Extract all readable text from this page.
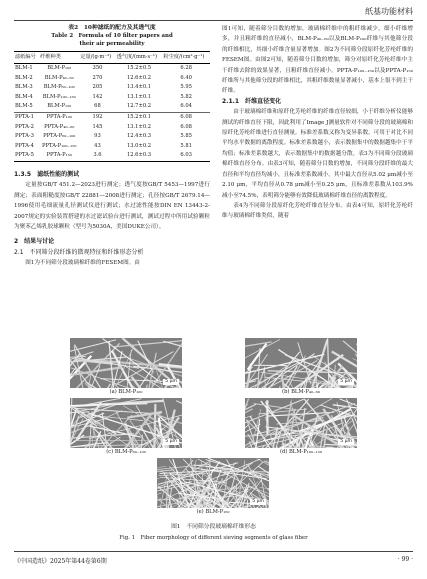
纸基功能材料
表2　10种滤纸的配方及其透气度
Table 2　Formula of 10 filter papers and
their air permeability
滤纸编号	纤维种类	定量/(g·m⁻²)	透气度/(mm·s⁻¹)	粉尘度/(cm²·g⁻¹)
BLM-1	BLM-P₁₀₀	350	15.2±0.5	6.28
BLM-2	BLM-P₄₀₋₆₀	270	12.6±0.2	6.40
BLM-3	BLM-P₆₀₋₁₀₀	205	13.4±0.1	5.95
BLM-4	BLM-P₁₀₀₋₁₅₀	142	13.1±0.1	5.82
BLM-5	BLM-P₁₅₀	68	12.7±0.2	6.04
PPTA-1	PPTA-P₁₀₀	192	15.2±0.1	6.08
PPTA-2	PPTA-P₄₀₋₆₀	145	13.1±0.2	6.08
PPTA-3	PPTA-P₆₀₋₁₀₀	93	12.4±0.3	5.85
PPTA-4	PPTA-P₁₀₀₋₁₅₀	43	13.0±0.2	5.81
PPTA-5	PPTA-P₁₅₀	3.6	12.6±0.3	6.03
1.3.5　滤纸性能的测试

定量按GB/T 451.2—2023进行测定；透气度按GB/T 5453—1997进行测定；表面粗糙度按GB/T 22881—2008进行测定；孔径按GB/T 2679.14—1996使用毛细流量孔径测试仪进行测试；水过滤性能按DIN EN 13443-2-2007规定的实验装置搭建的水过滤试验台进行测试，测试过程中所用试验颗粒为聚苯乙烯乳胶球颗粒（型号为5030A，美国DUKE公司）。

2　结果与讨论
2.1　不同筛分段纤维的微观特征和纤维形态分析

图1为不同筛分段玻璃棉纤维的FESEM图。由

图1可知，随着筛分目数的增加，玻璃棉纤维中的粗纤维减少，细小纤维增多，并且粗纤维的直径减小，BLM-P₄₀₋₆₀以及BLM-P₁₀₀纤维与其他筛分段的纤维相比，其细小纤维含量显著增加。图2为不同筛分段原纤化芳纶纤维的FESEM图。由图2可知，随着筛分目数的增加，筛分对原纤化芳纶纤维中主干纤维去除的效果显著，且粗纤维直径减小。PPTA-P₁₀₀₋₁₅₀以及PPTA-P₁₅₀纤维所与其他筛分段的纤维相比，其粗纤维数量显著减小，基本上很不到主干纤维。

2.1.1　纤维直径变化

由于玻璃棉纤维和原纤化芳纶纤维的纤维直径较细，小于纤维分析仪能够测试的纤维直径下限，因此利用了Image J测量软件对不同筛分段的玻璃棉和原纤化芳纶纤维进行直径测量。标准差系数又称为变异系数，可用于对比不同平均水平数据的离散程度。标准差系数越小，表示数据集中的数据越集中于平均值；标准差系数越大，表示数据集中的数据越分散。表3为不同筛分段玻璃棉纤维直径分布。由表3可知，随着筛分目数的增加，不同筛分段纤维的最大直径和平均直径均减小，且标准差系数减小。其中最大直径从5.02 μm减小至2.10 μm，平均直径从0.78 μm减小至0.25 μm，且标准差系数从103.9%减小至74.5%，表明筛分能够有效降低玻璃棉纤维直径的离散程度。

表4为不同筛分段原纤化芳纶纤维直径分布。由表4可知，原纤化芳纶纤维与玻璃棉纤维类似，随着

5 μm
(a) BLM-P₁₀₀
5 μm
(b) BLM-P₄₀₋₆₀
5 μm
(c) BLM-P₆₀₋₁₀₀
5 μm
(d) BLM-P₁₀₀₋₁₅₀
5 μm
(e) BLM-P₁₅₀
图1　不同筛分段玻璃棉纤维形态
Fig. 1　Fiber morphology of different sieving segments of glass fiber
《中国造纸》2025年第44卷第6期	· 99 ·
